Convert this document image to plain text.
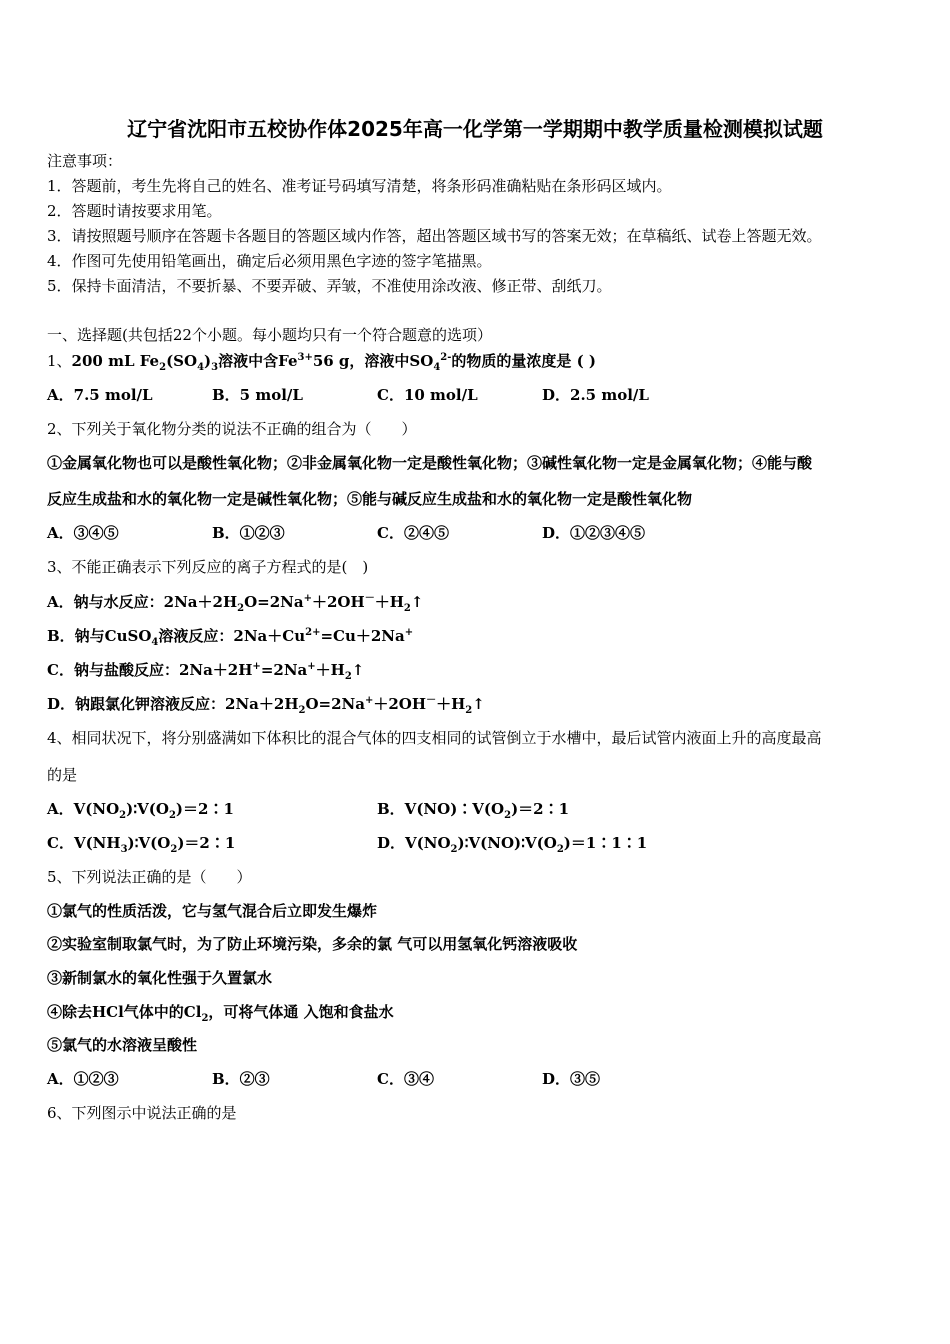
辽宁省沈阳市五校协作体2025年高一化学第一学期期中教学质量检测模拟试题
注意事项：
1．答题前，考生先将自己的姓名、准考证号码填写清楚，将条形码准确粘贴在条形码区域内。
2．答题时请按要求用笔。
3．请按照题号顺序在答题卡各题目的答题区域内作答，超出答题区域书写的答案无效；在草稿纸、试卷上答题无效。
4．作图可先使用铅笔画出，确定后必须用黑色字迹的签字笔描黑。
5．保持卡面清洁，不要折暴、不要弄破、弄皱，不准使用涂改液、修正带、刮纸刀。
一、选择题(共包括22个小题。每小题均只有一个符合题意的选项）
1、200 mL $Fe_2(SO_4)_3$溶液中含$Fe^{3+}56$ g，溶液中$SO_4^{2-}$的物质的量浓度是 ( )
A．7.5 mol/L	B．5 mol/L	C．10 mol/L	D．2.5 mol/L
2、下列关于氧化物分类的说法不正确的组合为（　　）
①金属氧化物也可以是酸性氧化物；②非金属氧化物一定是酸性氧化物；③碱性氧化物一定是金属氧化物；④能与酸
反应生成盐和水的氧化物一定是碱性氧化物；⑤能与碱反应生成盐和水的氧化物一定是酸性氧化物
A．③④⑤	B．①②③	C．②④⑤	D．①②③④⑤
3、不能正确表示下列反应的离子方程式的是(　)
A．钠与水反应：$2Na+2H_2O=2Na^++2OH^-+H_2↑$
B．钠与CuSO$_4$溶液反应：$2Na+Cu^{2+}=Cu+2Na^+$
C．钠与盐酸反应：$2Na+2H^+=2Na^++H_2↑$
D．钠跟氯化钾溶液反应：$2Na+2H_2O=2Na^++2OH^-+H_2↑$
4、相同状况下，将分别盛满如下体积比的混合气体的四支相同的试管倒立于水槽中，最后试管内液面上升的高度最高
的是
A．$V(NO_2)∶V(O_2)=2∶1$	B．$V(NO)∶V(O_2)=2∶1$
C．$V(NH_3)∶V(O_2)=2∶1$	D．$V(NO_2)∶V(NO)∶V(O_2)=1∶1∶1$
5、下列说法正确的是（　　）
①氯气的性质活泼，它与氢气混合后立即发生爆炸
②实验室制取氯气时，为了防止环境污染，多余的氯 气可以用氢氧化钙溶液吸收
③新制氯水的氧化性强于久置氯水
④除去HCl气体中的$Cl_2$，可将气体通 入饱和食盐水
⑤氯气的水溶液呈酸性
A．①②③	B．②③	C．③④	D．③⑤
6、下列图示中说法正确的是
